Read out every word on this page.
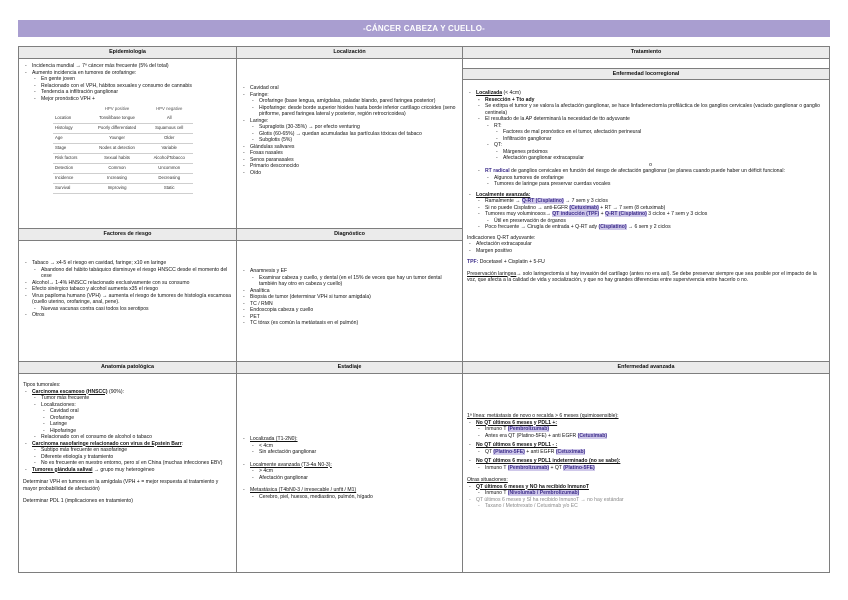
-CÁNCER CABEZA Y CUELLO-
Epidemiología
- Incidencia mundial → 7º cáncer más frecuente (5% del total)
- Aumento incidencia en tumores de orofaringe:
- En gente joven
- Relacionado con el VPH, hábitos sexuales y consumo de cannabis
- Tendencia a infiltración ganglionar
- Mejor pronóstico VPH +
	HPV positive	HPV negative
Location	Tonsil/base tongue	All
Histology	Poorly differentiated	Squamous cell
Age	Younger	Older
Stage	Nodes at detection	Variable
Risk factors	Sexual habits	Alcohol/Tobacco
Detection	Common	Uncommon
Incidence	Increasing	Decreasing
Survival	Improving	Static
Localización
- Cavidad oral
- Faringe:
- Orofaringe (base lengua, amígdalas, paladar blando, pared faringea posterior)
- Hipofaringe: desde borde superior hioides hasta borde inferior cartílago cricoides (seno piriforme, pared faringea lateral y posterior, región retrocricoidea)
- Laringe:
- Supraglotis (30-35%) → por efecto venturing
- Glotis (60-65%) → quedan acumuladas las partículas tóxicas del tabaco
- Subglotis (5%)
- Glándulas salivares
- Fosas nasales
- Senos paranasales
- Primario desconocido
- Oído
Tratamiento
Enfermedad locorregional
- Localizada (< 4cm)
- Resección + Tto ady
- Se extirpa el tumor y se valora la afectación ganglionar, se hace linfadenectomía profiláctica de los ganglios cervicales (vaciado ganglionar o ganglio centinela)
- El resultado de la AP determinará la necesidad de tto adyuvante
- RT:
- Factores de mal pronóstico en el tumor, afectación perineural
- Infiltración ganglionar
- QT:
- Márgenes próximos
- Afectación ganglionar extracapsular
o
- RT radical de ganglios cervicales en función del riesgo de afectación ganglionar (se planea cuando puede haber un déficit funcional:
- Algunos tumores de orofaringe
- Tumores de laringe para preservar cuerdas vocales
- Localmente avanzada:
- Ramalmente → Q-RT (Cisplatino) → 7 sem y 3 ciclos
- Si no puede Cisplatino → anti-EGFR (Cetuximab) + RT → 7 sem (8 cetuximab)
- Tumores muy voluminosos→ QT inducción (TPF) + Q-RT (Cisplatino) 3 ciclos + 7 sem y 3 ciclos
- Útil en preservación de órganos
- Poco frecuente → Cirugía de entrada + Q-RT ady (Cisplatino) → 6 sem y 2 ciclos
Indicaciones Q-RT adyuvante:
- Afectación extracapsular
- Margen positivo
TPF: Docetaxel + Cisplatin + 5-FU
Preservación laringea→ solo laringectomía si hay invasión del cartílago (antes no era así). Se debe preservar siempre que sea posible por el impacto de la voz, que afecta a la calidad de vida y socialización, y que no hay grandes diferencias entre supervivencia entre hacerlo o no.
Factores de riesgo
- Tabaco → x4-5 el riesgo en cavidad, faringe; x10 en laringe
- Abandono del hábito tabáquico disminuye el riesgo HNSCC desde el momento del cese
- Alcohol→ 1-4% HNSCC relacionado exclusivamente con su consumo
- Efecto sinérgico tabaco y alcohol aumenta x35 el riesgo
- Virus papiloma humano (VPH) → aumenta el riesgo de tumores de histología escamosa (cuello uterino, orofaringe, anal, pene).
- Nuevas vacunas contra casi todos los serotipos
- Otros
Diagnóstico
- Anamnesis y EF
- Examinar cabeza y cuello, y dental (en el 15% de veces que hay un tumor dental también hay otro en cabeza y cuello)
- Analítica
- Biopsia de tumor (determinar VPH si tumor amigdala)
- TC / RMN
- Endoscopia cabeza y cuello
- PET
- TC tórax (es común la metástasis en el pulmón)
Anatomía patológica
Tipos tumorales:
- Carcinoma escamoso (HNSCC) (90%):
- Tumor más frecuente
- Localizaciones:
- Cavidad oral
- Orofaringe
- Laringe
- Hipofaringe
- Relacionado con el consumo de alcohol o tabaco
- Carcinoma nasofaringe relacionado con virus de Epstein Barr:
- Subtipo más frecuente en nasofaringe
- Diferente etiología y tratamiento
- No es frecuente en nuestro entorno, pero sí en China (muchas infecciones EBV)
- Tumores glándula salival → grupo muy heterogéneo
Determinar VPH en tumores en la amígdala (VPH + = mejor respuesta al tratamiento y mayor probabilidad de afectación)
Determinar PDL 1 (implicaciones en tratamiento)
Estadiaje
- Localizada (T1-2N0):
- < 4cm
- Sin afectación ganglionar
- Localmente avanzada (T3-4a N0-3):
- > 4cm
- Afectación ganglionar
- Metastásica (T4bN0-3 / irresecable / unfit / M1)
- Cerebro, piel, huesos, mediastino, pulmón, hígado
Enfermedad avanzada
1ª línea: metástasis de novo o recaída > 6 meses (quimiosensible):
- No QT últimos 6 meses y PDL1 +:
- Inmuno T (Pembrolizumab)
- Antes era QT (Platino-5FE) + anti EGFR (Cetuximab)
- No QT últimos 6 meses y PDL1 - :
- QT (Platino-5FE) + anti EGFR (Cetuximab)
- No QT últimos 6 meses y PDL1 indeterminado (no se sabe):
- Inmuno T (Pembrolizumab) + QT (Platino-5FE)
Otras situaciones:
- QT últimos 6 meses y NO ha recibido InmunoT
- Inmuno T (Nivolumab / Pembrolizumab)
- QT últimos 6 meses y SÍ ha recibido InmunoT → no hay estándar
- Taxano / Metotrexato / Cetuximab y/o EC
